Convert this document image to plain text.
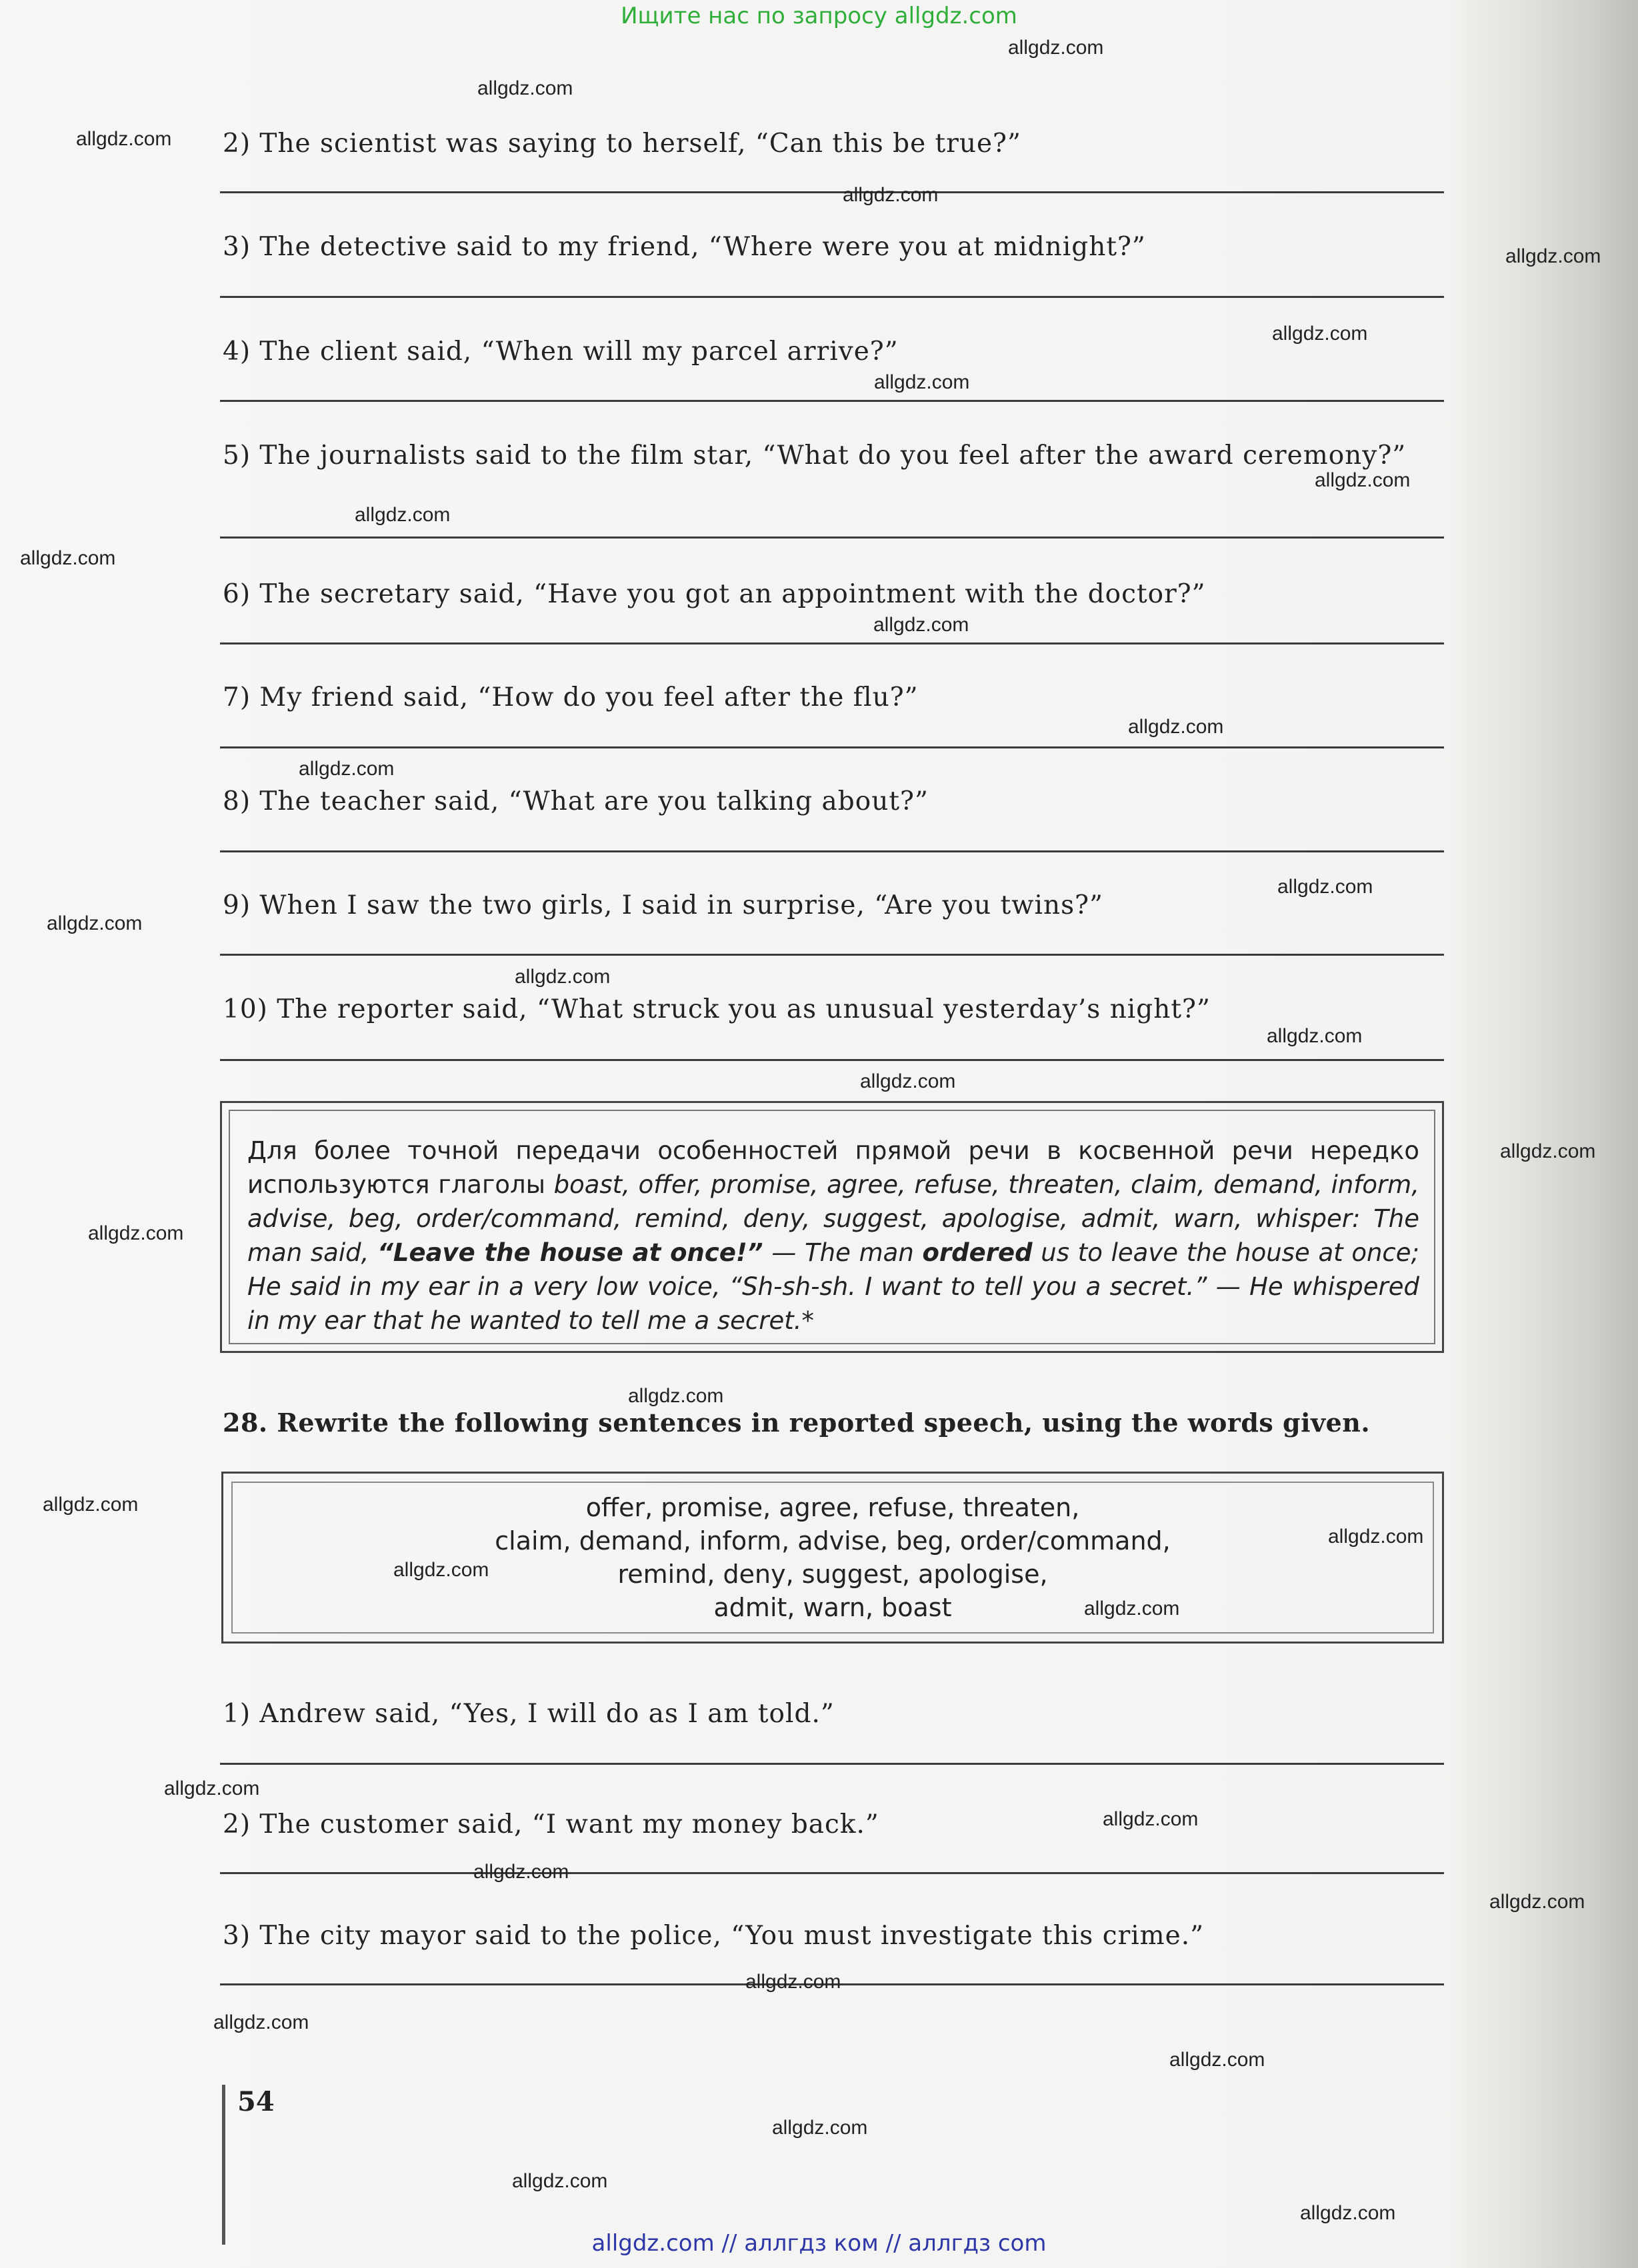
Ищите нас по запросу allgdz.com

2) The scientist was saying to herself, “Can this be true?”

3) The detective said to my friend, “Where were you at midnight?”

4) The client said, “When will my parcel arrive?”

5) The journalists said to the film star, “What do you feel after the award ceremony?”

6) The secretary said, “Have you got an appointment with the doctor?”

7) My friend said, “How do you feel after the flu?”

8) The teacher said, “What are you talking about?”

9) When I saw the two girls, I said in surprise, “Are you twins?”

10) The reporter said, “What struck you as unusual yesterday’s night?”

Для более точной передачи особенностей прямой речи в косвенной речи нередко используются глаголы boast, offer, promise, agree, refuse, threaten, claim, demand, inform, advise, beg, order/command, remind, deny, suggest, apologise, admit, warn, whisper: The man said, “Leave the house at once!” — The man ordered us to leave the house at once; He said in my ear in a very low voice, “Sh-sh-sh. I want to tell you a secret.” — He whispered in my ear that he wanted to tell me a secret.*
28. Rewrite the following sentences in reported speech, using the words given.
offer, promise, agree, refuse, threaten,
claim, demand, inform, advise, beg, order/command,
remind, deny, suggest, apologise,
admit, warn, boast

1) Andrew said, “Yes, I will do as I am told.”

2) The customer said, “I want my money back.”

3) The city mayor said to the police, “You must investigate this crime.”

54
allgdz.com
allgdz.com
allgdz.com
allgdz.com
allgdz.com
allgdz.com
allgdz.com
allgdz.com
allgdz.com
allgdz.com
allgdz.com
allgdz.com
allgdz.com
allgdz.com
allgdz.com
allgdz.com
allgdz.com
allgdz.com
allgdz.com
allgdz.com
allgdz.com
allgdz.com
allgdz.com
allgdz.com
allgdz.com
allgdz.com
allgdz.com
allgdz.com
allgdz.com
allgdz.com
allgdz.com
allgdz.com
allgdz.com
allgdz.com
allgdz.com
allgdz.com // аллгдз ком // аллгдз com
